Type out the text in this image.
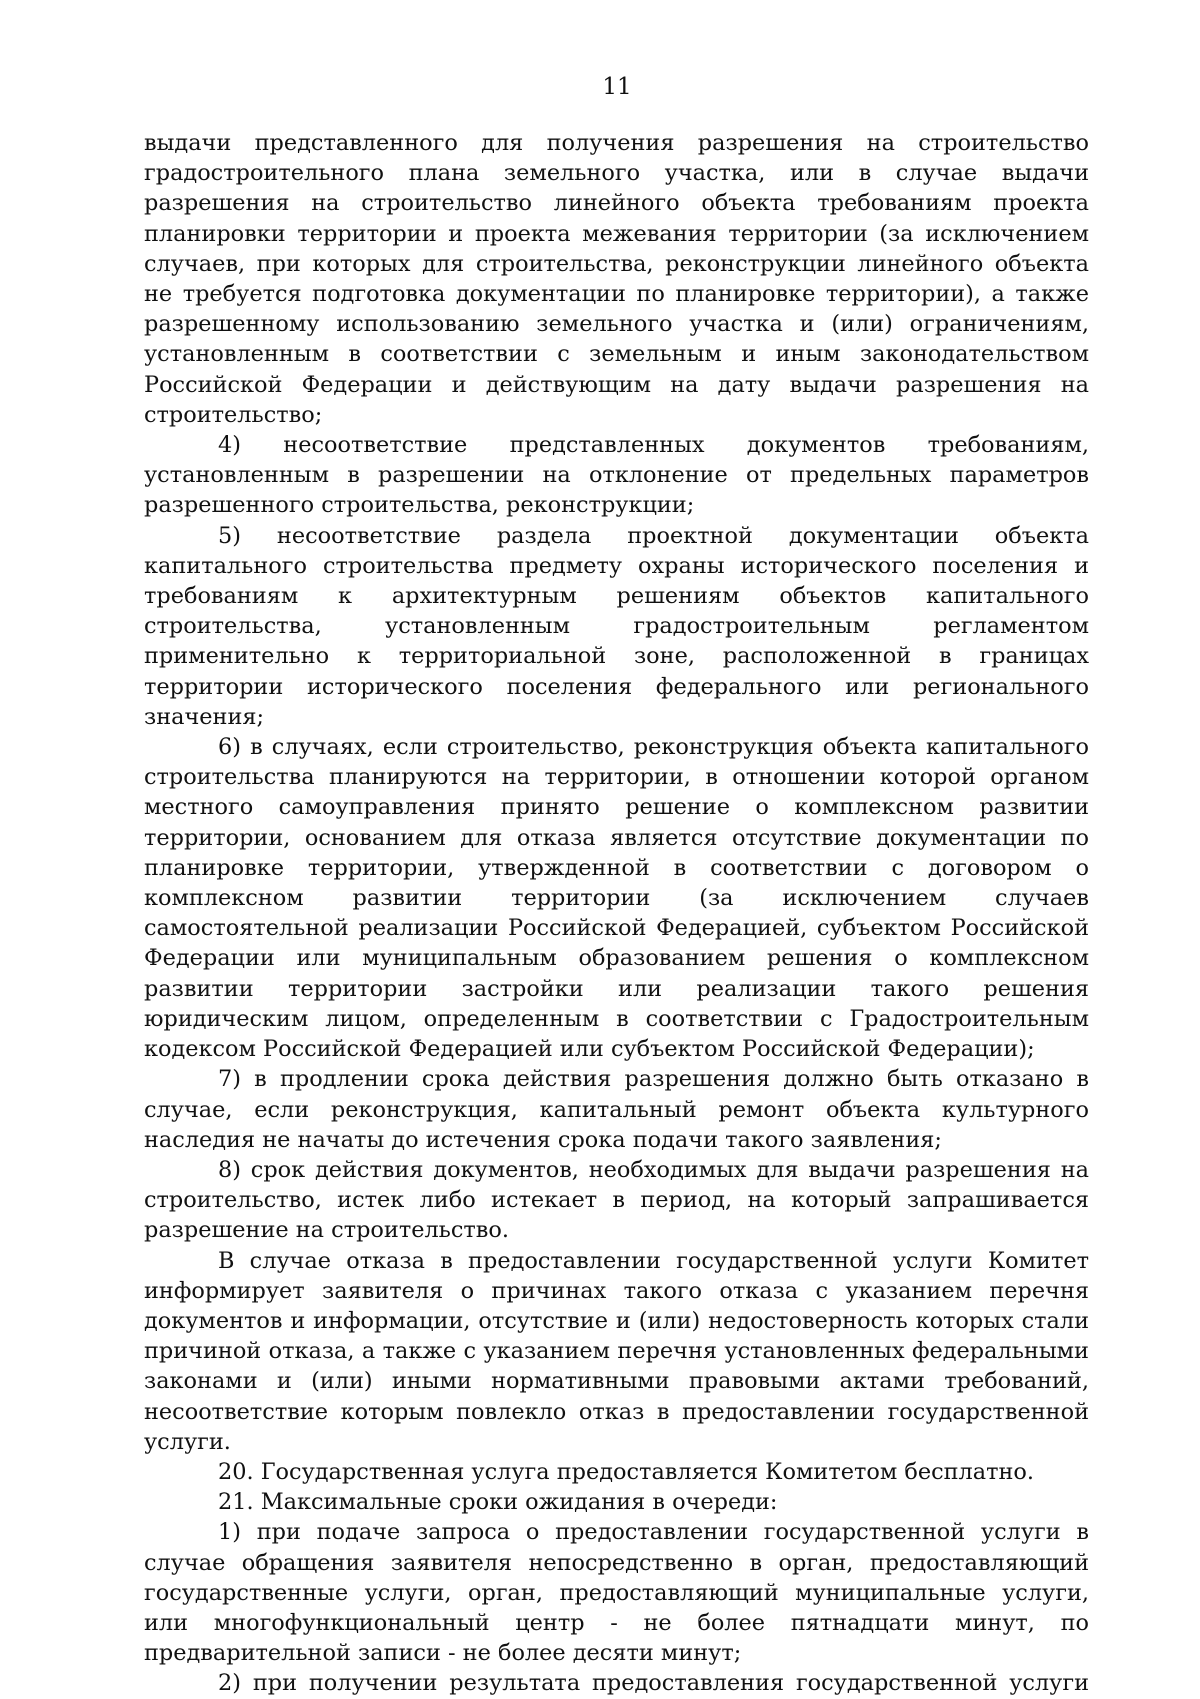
11

выдачи представленного для получения разрешения на строительство градостроительного плана земельного участка, или в случае выдачи разрешения на строительство линейного объекта требованиям проекта планировки территории и проекта межевания территории (за исключением случаев, при которых для строительства, реконструкции линейного объекта не требуется подготовка документации по планировке территории), а также разрешенному использованию земельного участка и (или) ограничениям, установленным в соответствии с земельным и иным законодательством Российской Федерации и действующим на дату выдачи разрешения на строительство;

4) несоответствие представленных документов требованиям, установленным в разрешении на отклонение от предельных параметров разрешенного строительства, реконструкции;

5) несоответствие раздела проектной документации объекта капитального строительства предмету охраны исторического поселения и требованиям к архитектурным решениям объектов капитального строительства, установленным градостроительным регламентом применительно к территориальной зоне, расположенной в границах территории исторического поселения федерального или регионального значения;

6) в случаях, если строительство, реконструкция объекта капитального строительства планируются на территории, в отношении которой органом местного самоуправления принято решение о комплексном развитии территории, основанием для отказа является отсутствие документации по планировке территории, утвержденной в соответствии с договором о комплексном развитии территории (за исключением случаев самостоятельной реализации Российской Федерацией, субъектом Российской Федерации или муниципальным образованием решения о комплексном развитии территории застройки или реализации такого решения юридическим лицом, определенным в соответствии с Градостроительным кодексом Российской Федерацией или субъектом Российской Федерации);

7) в продлении срока действия разрешения должно быть отказано в случае, если реконструкция, капитальный ремонт объекта культурного наследия не начаты до истечения срока подачи такого заявления;

8) срок действия документов, необходимых для выдачи разрешения на строительство, истек либо истекает в период, на который запрашивается разрешение на строительство.

В случае отказа в предоставлении государственной услуги Комитет информирует заявителя о причинах такого отказа с указанием перечня документов и информации, отсутствие и (или) недостоверность которых стали причиной отказа, а также с указанием перечня установленных федеральными законами и (или) иными нормативными правовыми актами требований, несоответствие которым повлекло отказ в предоставлении государственной услуги.

20. Государственная услуга предоставляется Комитетом бесплатно.

21. Максимальные сроки ожидания в очереди:

1) при подаче запроса о предоставлении государственной услуги в случае обращения заявителя непосредственно в орган, предоставляющий государственные услуги, орган, предоставляющий муниципальные услуги, или многофункциональный центр - не более пятнадцати минут, по предварительной записи - не более десяти минут;

2) при получении результата предоставления государственной услуги
